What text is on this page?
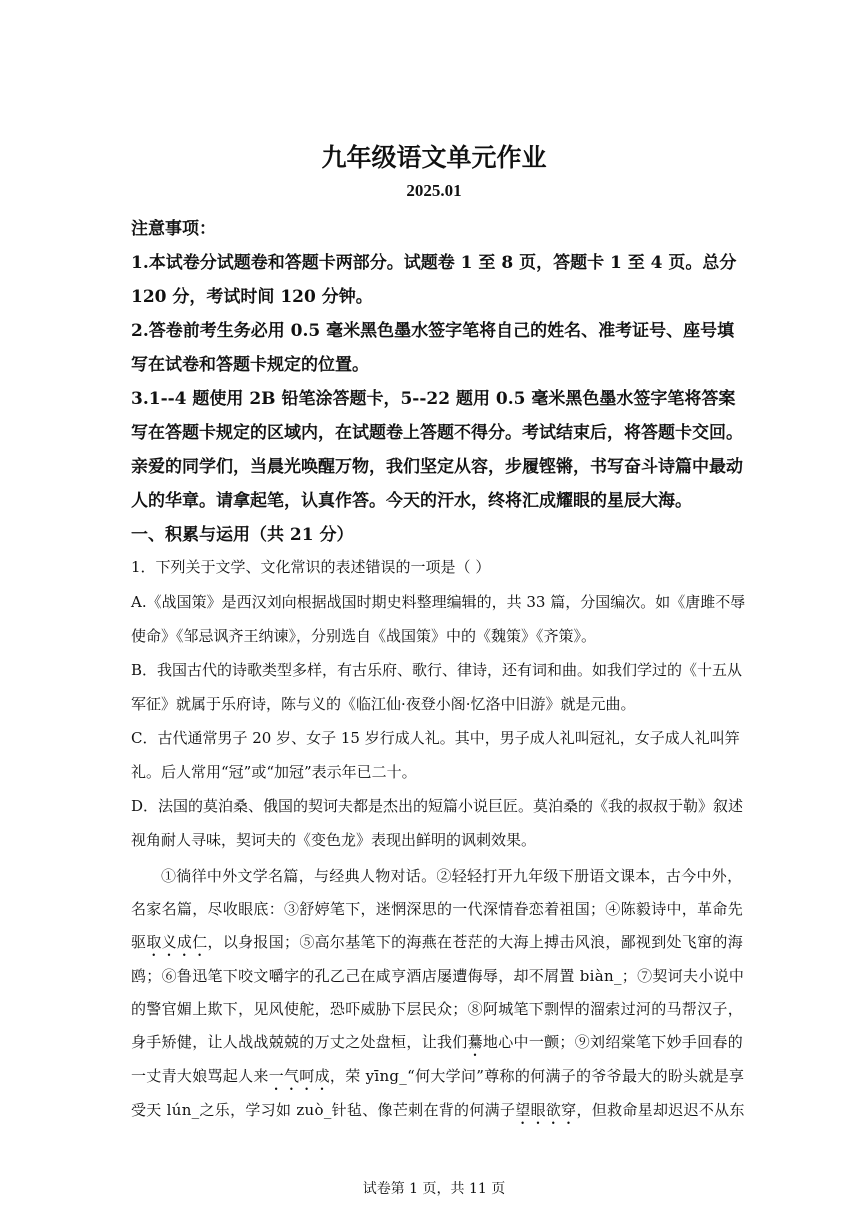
九年级语文单元作业
2025.01

注意事项：

1.本试卷分试题卷和答题卡两部分。试题卷 1 至 8 页，答题卡 1 至 4 页。总分 120 分，考试时间 120 分钟。

2.答卷前考生务必用 0.5 毫米黑色墨水签字笔将自己的姓名、准考证号、座号填写在试卷和答题卡规定的位置。

3.1--4 题使用 2B 铅笔涂答题卡，5--22 题用 0.5 毫米黑色墨水签字笔将答案写在答题卡规定的区域内，在试题卷上答题不得分。考试结束后，将答题卡交回。

亲爱的同学们，当晨光唤醒万物，我们坚定从容，步履铿锵，书写奋斗诗篇中最动人的华章。请拿起笔，认真作答。今天的汗水，终将汇成耀眼的星辰大海。

一、积累与运用（共 21 分）

1．下列关于文学、文化常识的表述错误的一项是（ ）

A.《战国策》是西汉刘向根据战国时期史料整理编辑的，共 33 篇，分国编次。如《唐雎不辱使命》《邹忌讽齐王纳谏》，分别选自《战国策》中的《魏策》《齐策》。

B．我国古代的诗歌类型多样，有古乐府、歌行、律诗，还有词和曲。如我们学过的《十五从军征》就属于乐府诗，陈与义的《临江仙·夜登小阁·忆洛中旧游》就是元曲。

C．古代通常男子 20 岁、女子 15 岁行成人礼。其中，男子成人礼叫冠礼，女子成人礼叫笄礼。后人常用“冠”或“加冠”表示年已二十。

D．法国的莫泊桑、俄国的契诃夫都是杰出的短篇小说巨匠。莫泊桑的《我的叔叔于勒》叙述视角耐人寻味，契诃夫的《变色龙》表现出鲜明的讽刺效果。

①徜徉中外文学名篇，与经典人物对话。②轻轻打开九年级下册语文课本，古今中外，名家名篇，尽收眼底：③舒婷笔下，迷惘深思的一代深情眷恋着祖国；④陈毅诗中，革命先驱取义成仁，以身报国；⑤高尔基笔下的海燕在苍茫的大海上搏击风浪，鄙视到处飞窜的海鸥；⑥鲁迅笔下咬文嚼字的孔乙己在咸亨酒店屡遭侮辱，却不屑置 biàn_；⑦契诃夫小说中的警官媚上欺下，见风使舵，恐吓威胁下层民众；⑧阿城笔下剽悍的溜索过河的马帮汉子，身手矫健，让人战战兢兢的万丈之处盘桓，让我们驀地心中一颤；⑨刘绍棠笔下妙手回春的一丈青大娘骂起人来一气呵成，荣 yīng_“何大学问”尊称的何满子的爷爷最大的盼头就是享受天 lún_之乐，学习如 zuò_针毡、像芒刺在背的何满子望眼欲穿，但救命星却迟迟不从东

试卷第 1 页，共 11 页
